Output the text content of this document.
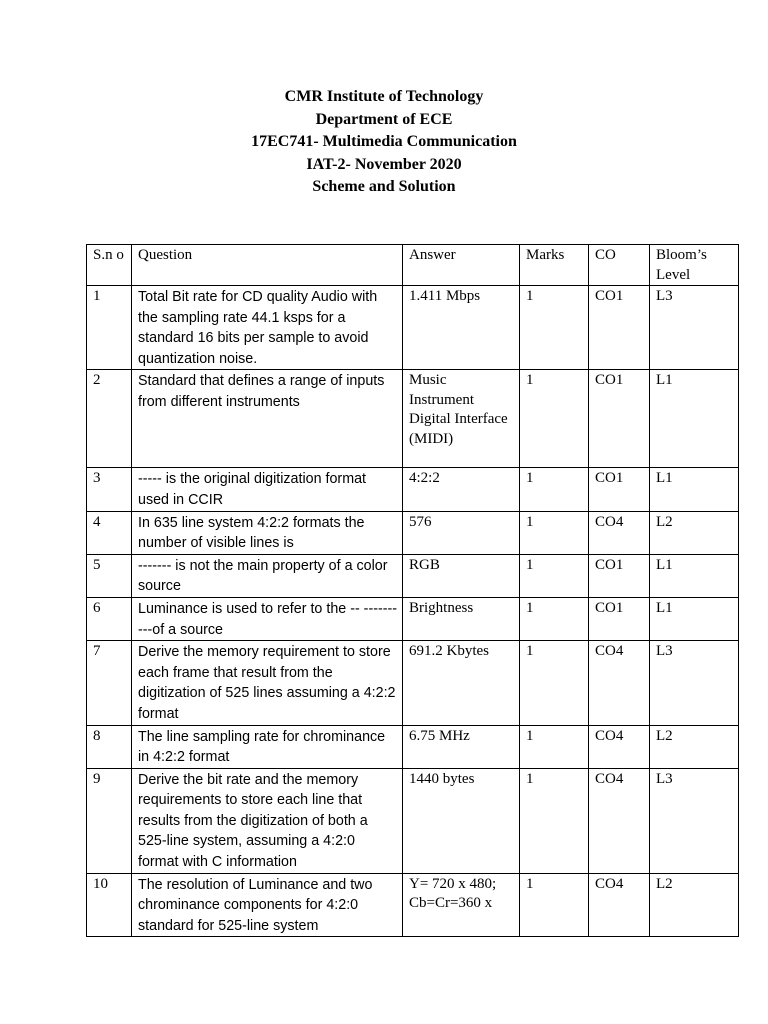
CMR Institute of Technology
Department of ECE
17EC741- Multimedia Communication
IAT-2- November 2020
Scheme and Solution
S.n o	Question	Answer	Marks	CO	Bloom’s Level
1	Total Bit rate for CD quality Audio with the sampling rate 44.1 ksps for a standard 16 bits per sample to avoid quantization noise.	1.411 Mbps	1	CO1	L3
2	Standard that defines a range of inputs from different instruments	Music Instrument Digital Interface (MIDI)	1	CO1	L1
3	----- is the original digitization format used in CCIR	4:2:2	1	CO1	L1
4	In 635 line system 4:2:2 formats the number of visible lines is	576	1	CO4	L2
5	------- is not the main property of a color source	RGB	1	CO1	L1
6	Luminance is used to refer to the -- ----------of a source	Brightness	1	CO1	L1
7	Derive the memory requirement to store each frame that result from the digitization of 525 lines assuming a 4:2:2 format	691.2 Kbytes	1	CO4	L3
8	The line sampling rate for chrominance in 4:2:2 format	6.75 MHz	1	CO4	L2
9	Derive the bit rate and the memory requirements to store each line that results from the digitization of both a 525-line system, assuming a 4:2:0 format with C information	1440 bytes	1	CO4	L3
10	The resolution of Luminance and two chrominance components for 4:2:0 standard for 525-line system	Y= 720 x 480; Cb=Cr=360 x	1	CO4	L2
